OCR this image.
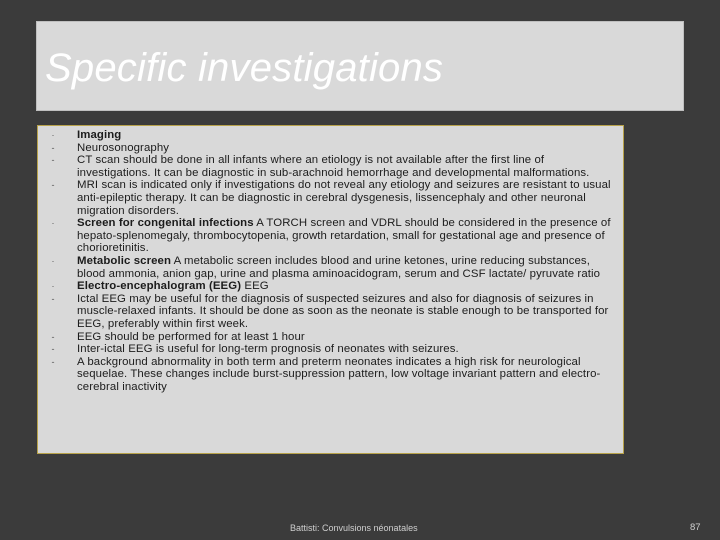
Specific investigations
·	Imaging
-	Neurosonography
-	CT scan should be done in all infants where an etiology is not available after the first line of investigations. It can be diagnostic in sub-arachnoid hemorrhage and developmental malformations.
-	MRI scan is indicated only if investigations do not reveal any etiology and seizures are resistant to usual anti-epileptic therapy. It can be diagnostic in cerebral dysgenesis, lissencephaly and other neuronal migration disorders.
·	Screen for congenital infections A TORCH screen and VDRL should be considered in the presence of hepato-splenomegaly, thrombocytopenia, growth retardation, small for gestational age and presence of chorioretinitis.
·	Metabolic screen A metabolic screen includes blood and urine ketones, urine reducing substances, blood ammonia, anion gap, urine and plasma aminoacidogram, serum and CSF lactate/ pyruvate ratio
·	Electro-encephalogram (EEG) EEG
-	Ictal EEG may be useful for the diagnosis of suspected seizures and also for diagnosis of seizures in muscle-relaxed infants. It should be done as soon as the neonate is stable enough to be transported for EEG, preferably within first week.
-	EEG should be performed for at least 1 hour
-	Inter-ictal EEG is useful for long-term prognosis of neonates with seizures.
-	A background abnormality in both term and preterm neonates indicates a high risk for neurological sequelae. These changes include burst-suppression pattern, low voltage invariant pattern and electro-cerebral inactivity
Battisti: Convulsions néonatales	87
